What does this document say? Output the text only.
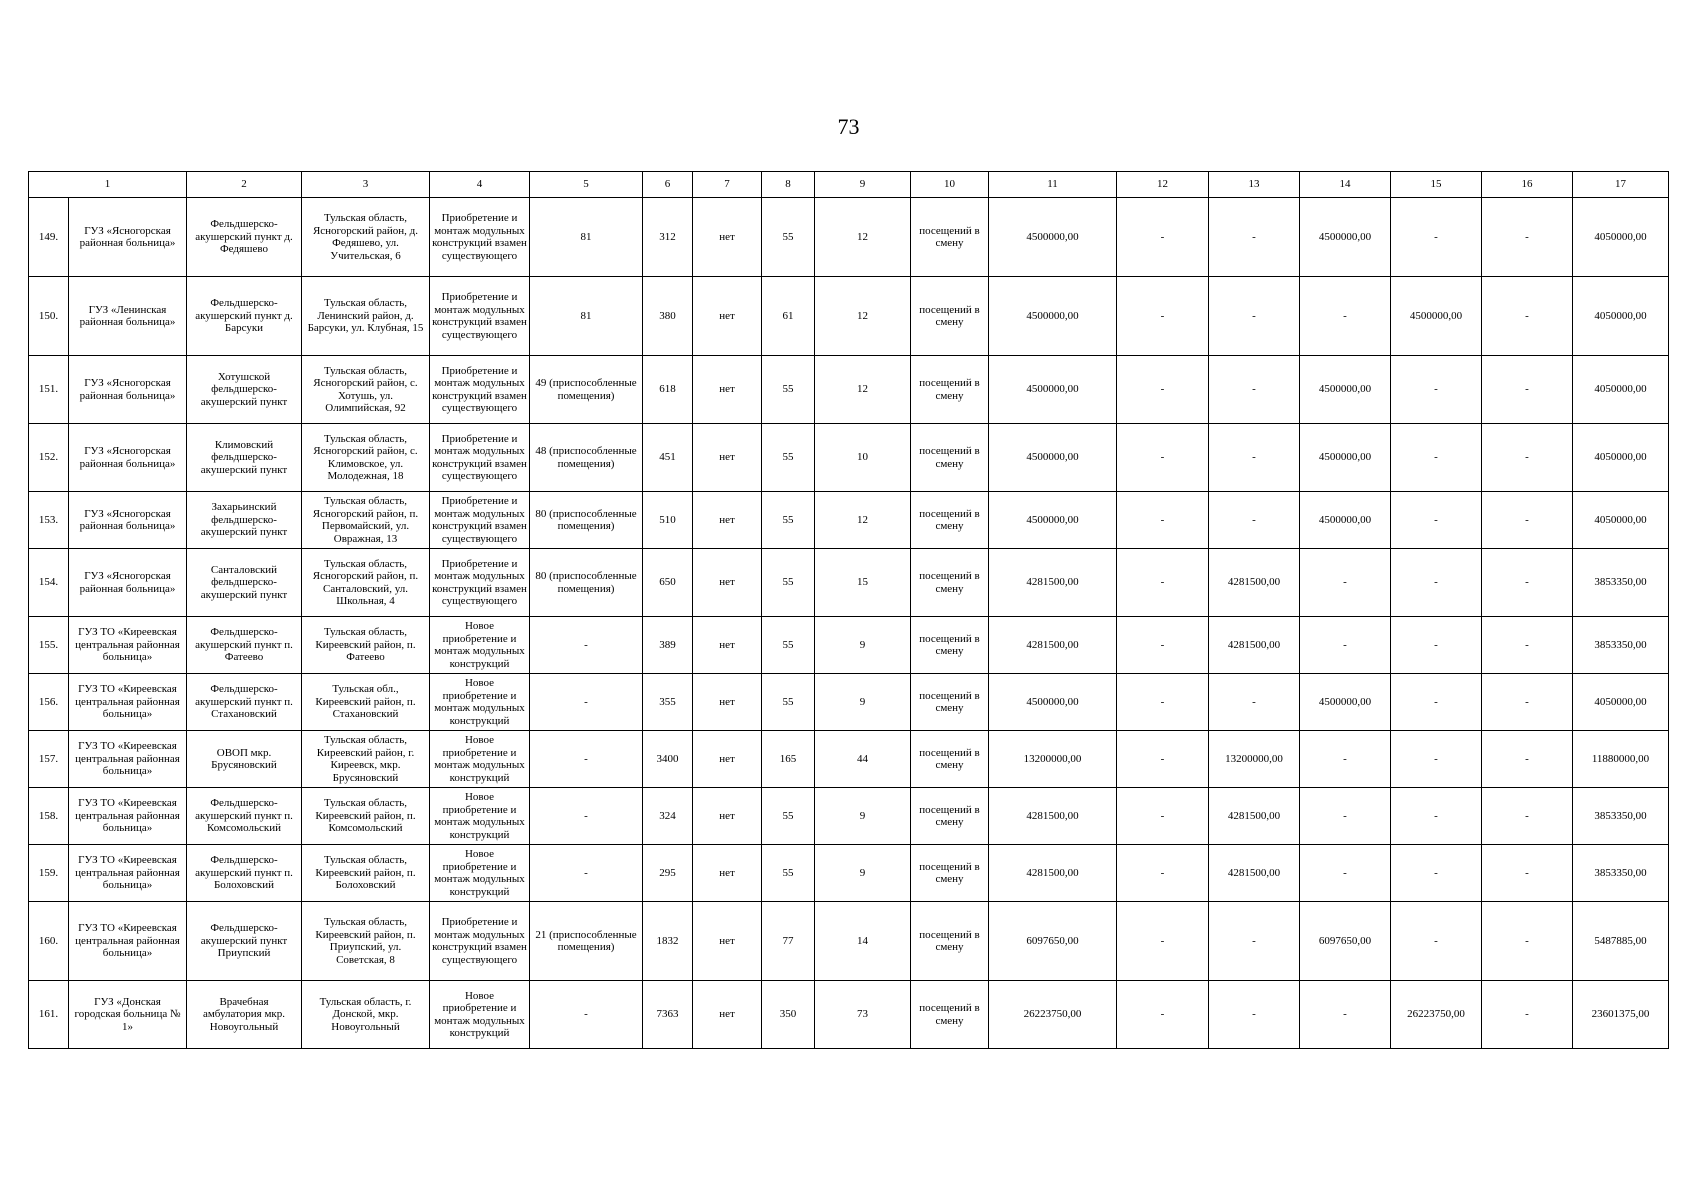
73
1		2	3	4	5	6	7	8	9	10	11	12	13	14	15	16	17
149.	ГУЗ «Ясногорская районная больница»	Фельдшерско-акушерский пункт д. Федяшево	Тульская область, Ясногорский район, д. Федяшево, ул. Учительская, 6	Приобретение и монтаж модульных конструкций взамен существующего	81	312	нет	55	12	посещений в смену	4500000,00	-	-	4500000,00	-	-	4050000,00
150.	ГУЗ «Ленинская районная больница»	Фельдшерско-акушерский пункт д. Барсуки	Тульская область, Ленинский район, д. Барсуки, ул. Клубная, 15	Приобретение и монтаж модульных конструкций взамен существующего	81	380	нет	61	12	посещений в смену	4500000,00	-	-	-	4500000,00	-	4050000,00
151.	ГУЗ «Ясногорская районная больница»	Хотушской фельдшерско-акушерский пункт	Тульская область, Ясногорский район, с. Хотушь, ул. Олимпийская, 92	Приобретение и монтаж модульных конструкций взамен существующего	49 (приспособленные помещения)	618	нет	55	12	посещений в смену	4500000,00	-	-	4500000,00	-	-	4050000,00
152.	ГУЗ «Ясногорская районная больница»	Климовский фельдшерско-акушерский пункт	Тульская область, Ясногорский район, с. Климовское, ул. Молодежная, 18	Приобретение и монтаж модульных конструкций взамен существующего	48 (приспособленные помещения)	451	нет	55	10	посещений в смену	4500000,00	-	-	4500000,00	-	-	4050000,00
153.	ГУЗ «Ясногорская районная больница»	Захарьинский фельдшерско-акушерский пункт	Тульская область, Ясногорский район, п. Первомайский, ул. Овражная, 13	Приобретение и монтаж модульных конструкций взамен существующего	80 (приспособленные помещения)	510	нет	55	12	посещений в смену	4500000,00	-	-	4500000,00	-	-	4050000,00
154.	ГУЗ «Ясногорская районная больница»	Санталовский фельдшерско-акушерский пункт	Тульская область, Ясногорский район, п. Санталовский, ул. Школьная, 4	Приобретение и монтаж модульных конструкций взамен существующего	80 (приспособленные помещения)	650	нет	55	15	посещений в смену	4281500,00	-	4281500,00	-	-	-	3853350,00
155.	ГУЗ ТО «Киреевская центральная районная больница»	Фельдшерско-акушерский пункт п. Фатеево	Тульская область, Киреевский район, п. Фатеево	Новое приобретение и монтаж модульных конструкций	-	389	нет	55	9	посещений в смену	4281500,00	-	4281500,00	-	-	-	3853350,00
156.	ГУЗ ТО «Киреевская центральная районная больница»	Фельдшерско-акушерский пункт п. Стахановский	Тульская обл., Киреевский район, п. Стахановский	Новое приобретение и монтаж модульных конструкций	-	355	нет	55	9	посещений в смену	4500000,00	-	-	4500000,00	-	-	4050000,00
157.	ГУЗ ТО «Киреевская центральная районная больница»	ОВОП мкр. Брусяновский	Тульская область, Киреевский район, г. Киреевск, мкр. Брусяновский	Новое приобретение и монтаж модульных конструкций	-	3400	нет	165	44	посещений в смену	13200000,00	-	13200000,00	-	-	-	11880000,00
158.	ГУЗ ТО «Киреевская центральная районная больница»	Фельдшерско-акушерский пункт п. Комсомольский	Тульская область, Киреевский район, п. Комсомольский	Новое приобретение и монтаж модульных конструкций	-	324	нет	55	9	посещений в смену	4281500,00	-	4281500,00	-	-	-	3853350,00
159.	ГУЗ ТО «Киреевская центральная районная больница»	Фельдшерско-акушерский пункт п. Болоховский	Тульская область, Киреевский район, п. Болоховский	Новое приобретение и монтаж модульных конструкций	-	295	нет	55	9	посещений в смену	4281500,00	-	4281500,00	-	-	-	3853350,00
160.	ГУЗ ТО «Киреевская центральная районная больница»	Фельдшерско-акушерский пункт Приупский	Тульская область, Киреевский район, п. Приупский, ул. Советская, 8	Приобретение и монтаж модульных конструкций взамен существующего	21 (приспособленные помещения)	1832	нет	77	14	посещений в смену	6097650,00	-	-	6097650,00	-	-	5487885,00
161.	ГУЗ «Донская городская больница № 1»	Врачебная амбулатория мкр. Новоугольный	Тульская область, г. Донской, мкр. Новоугольный	Новое приобретение и монтаж модульных конструкций	-	7363	нет	350	73	посещений в смену	26223750,00	-	-	-	26223750,00	-	23601375,00
